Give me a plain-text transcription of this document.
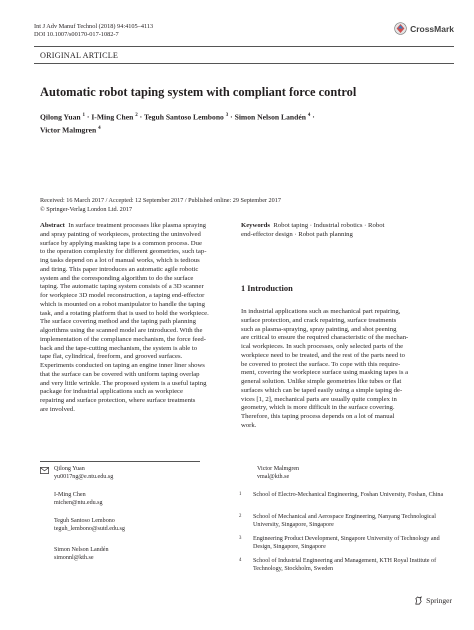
Int J Adv Manuf Technol (2018) 94:4105–4113
DOI 10.1007/s00170-017-1082-7
CrossMark
ORIGINAL ARTICLE
Automatic robot taping system with compliant force control
Qilong Yuan $^1$ · I-Ming Chen $^2$ · Teguh Santoso Lembono $^3$ · Simon Nelson Landén $^4$ ·
Victor Malmgren $^4$
Received: 16 March 2017 / Accepted: 12 September 2017 / Published online: 29 September 2017
© Springer-Verlag London Ltd. 2017

Abstract In surface treatment processes like plasma spraying

and spray painting of workpieces, protecting the uninvolved

surface by applying masking tape is a common process. Due

to the operation complexity for different geometries, such tap-

ing tasks depend on a lot of manual works, which is tedious

and tiring. This paper introduces an automatic agile robotic

system and the corresponding algorithm to do the surface

taping. The automatic taping system consists of a 3D scanner

for workpiece 3D model reconstruction, a taping end-effector

which is mounted on a robot manipulator to handle the taping

task, and a rotating platform that is used to hold the workpiece.

The surface covering method and the taping path planning

algorithms using the scanned model are introduced. With the

implementation of the compliance mechanism, the force feed-

back and the tape-cutting mechanism, the system is able to

tape flat, cylindrical, freeform, and grooved surfaces.

Experiments conducted on taping an engine inner liner shows

that the surface can be covered with uniform taping overlap

and very little wrinkle. The proposed system is a useful taping

package for industrial applications such as workpiece

repairing and surface protection, where surface treatments

are involved.

Keywords Robot taping · Industrial robotics · Robot

end-effector design · Robot path planning

1 Introduction

In industrial applications such as mechanical part repairing,

surface protection, and crack repairing, surface treatments

such as plasma-spraying, spray painting, and shot peening

are critical to ensure the required characteristic of the mechan-

ical workpieces. In such processes, only selected parts of the

workpiece need to be treated, and the rest of the parts need to

be covered to protect the surface. To cope with this require-

ment, covering the workpiece surface using masking tapes is a

general solution. Unlike simple geometries like tubes or flat

surfaces which can be taped easily using a simple taping de-

vices [1, 2], mechanical parts are usually quite complex in

geometry, which is more difficult in the surface covering.

Therefore, this taping process depends on a lot of manual

work.

Qilong Yuan
yu0017ng@e.ntu.edu.sg
I-Ming Chen
michen@ntu.edu.sg
Teguh Santoso Lembono
teguh_lembono@sutd.edu.sg
Simon Nelson Landén
simonnl@kth.se
Victor Malmgren
vmal@kth.se
1 School of Electro-Mechanical Engineering, Foshan University, Foshan, China
2 School of Mechanical and Aerospace Engineering, Nanyang Technological University, Singapore, Singapore
3 Engineering Product Development, Singapore University of Technology and Design, Singapore, Singapore
4 School of Industrial Engineering and Management, KTH Royal Institute of Technology, Stockholm, Sweden
Springer
